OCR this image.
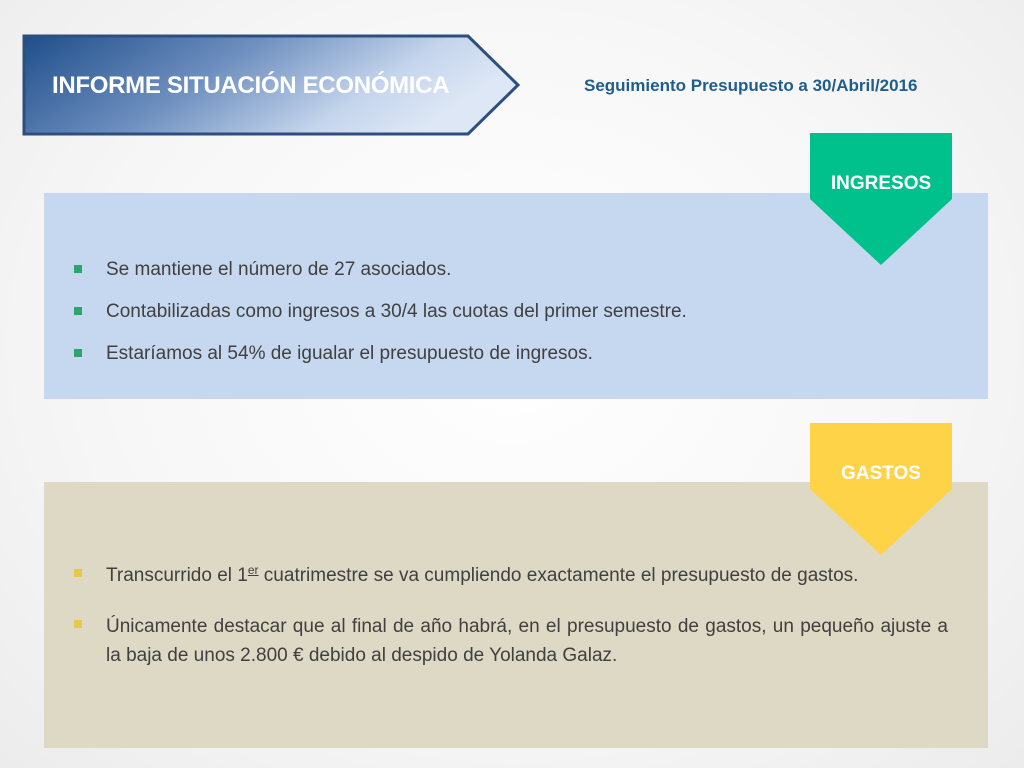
INFORME SITUACIÓN ECONÓMICA	Seguimiento Presupuesto a 30/Abril/2016
Se mantiene el número de 27 asociados.
Contabilizadas como ingresos a 30/4 las cuotas del primer semestre.
Estaríamos al 54% de igualar el presupuesto de ingresos.
INGRESOS
Transcurrido el 1er cuatrimestre se va cumpliendo exactamente el presupuesto de gastos.
Únicamente destacar que al final de año habrá, en el presupuesto de gastos, un pequeño ajuste a la baja de unos 2.800 € debido al despido de Yolanda Galaz.
GASTOS
